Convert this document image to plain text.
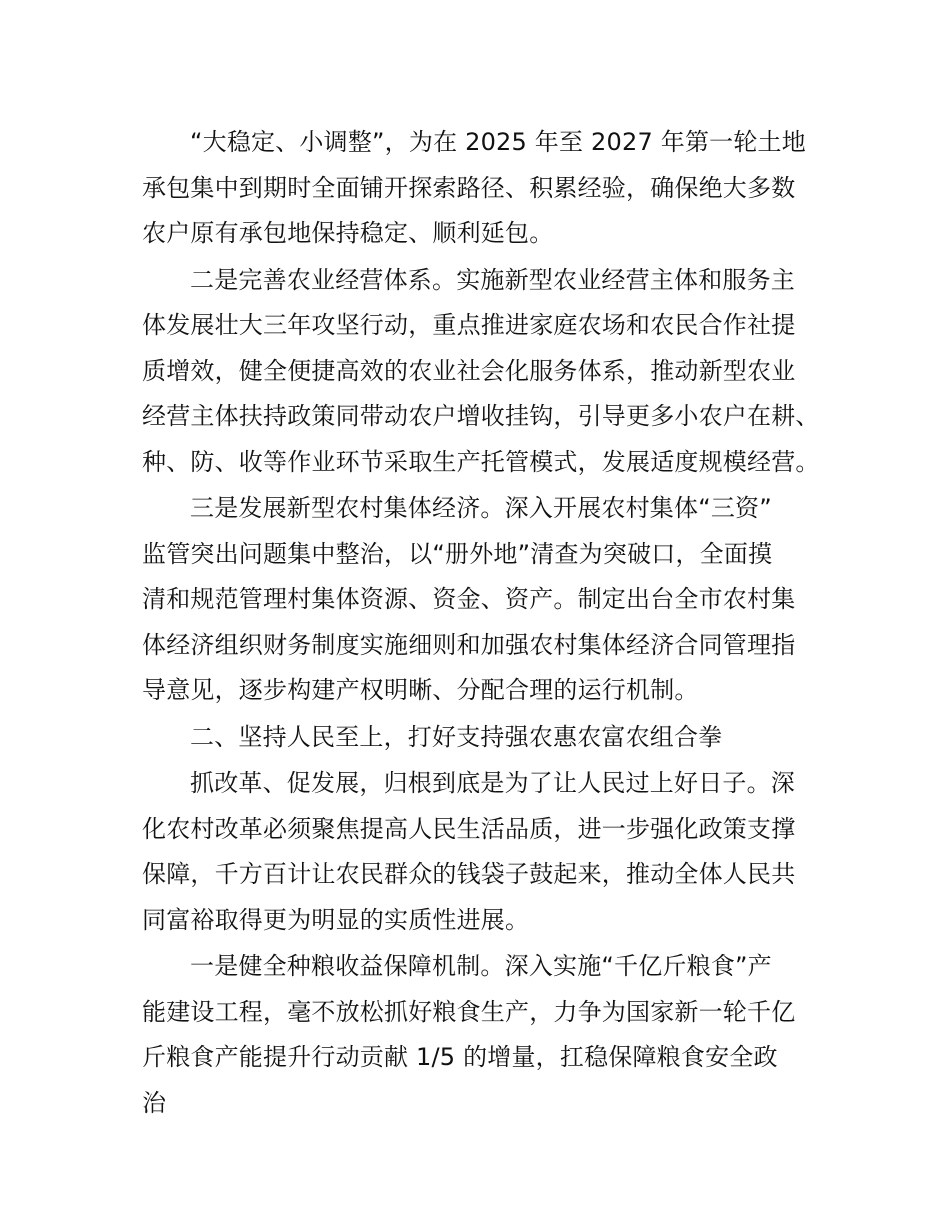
“大稳定、小调整”，为在 2025 年至 2027 年第一轮土地
承包集中到期时全面铺开探索路径、积累经验，确保绝大多数
农户原有承包地保持稳定、顺利延包。

二是完善农业经营体系。实施新型农业经营主体和服务主
体发展壮大三年攻坚行动，重点推进家庭农场和农民合作社提
质增效，健全便捷高效的农业社会化服务体系，推动新型农业
经营主体扶持政策同带动农户增收挂钩，引导更多小农户在耕、
种、防、收等作业环节采取生产托管模式，发展适度规模经营。

三是发展新型农村集体经济。深入开展农村集体“三资”
监管突出问题集中整治，以“册外地”清查为突破口，全面摸
清和规范管理村集体资源、资金、资产。制定出台全市农村集
体经济组织财务制度实施细则和加强农村集体经济合同管理指
导意见，逐步构建产权明晰、分配合理的运行机制。

二、坚持人民至上，打好支持强农惠农富农组合拳

抓改革、促发展，归根到底是为了让人民过上好日子。深
化农村改革必须聚焦提高人民生活品质，进一步强化政策支撑
保障，千方百计让农民群众的钱袋子鼓起来，推动全体人民共
同富裕取得更为明显的实质性进展。

一是健全种粮收益保障机制。深入实施“千亿斤粮食”产
能建设工程，毫不放松抓好粮食生产，力争为国家新一轮千亿
斤粮食产能提升行动贡献 1/5 的增量，扛稳保障粮食安全政
治
